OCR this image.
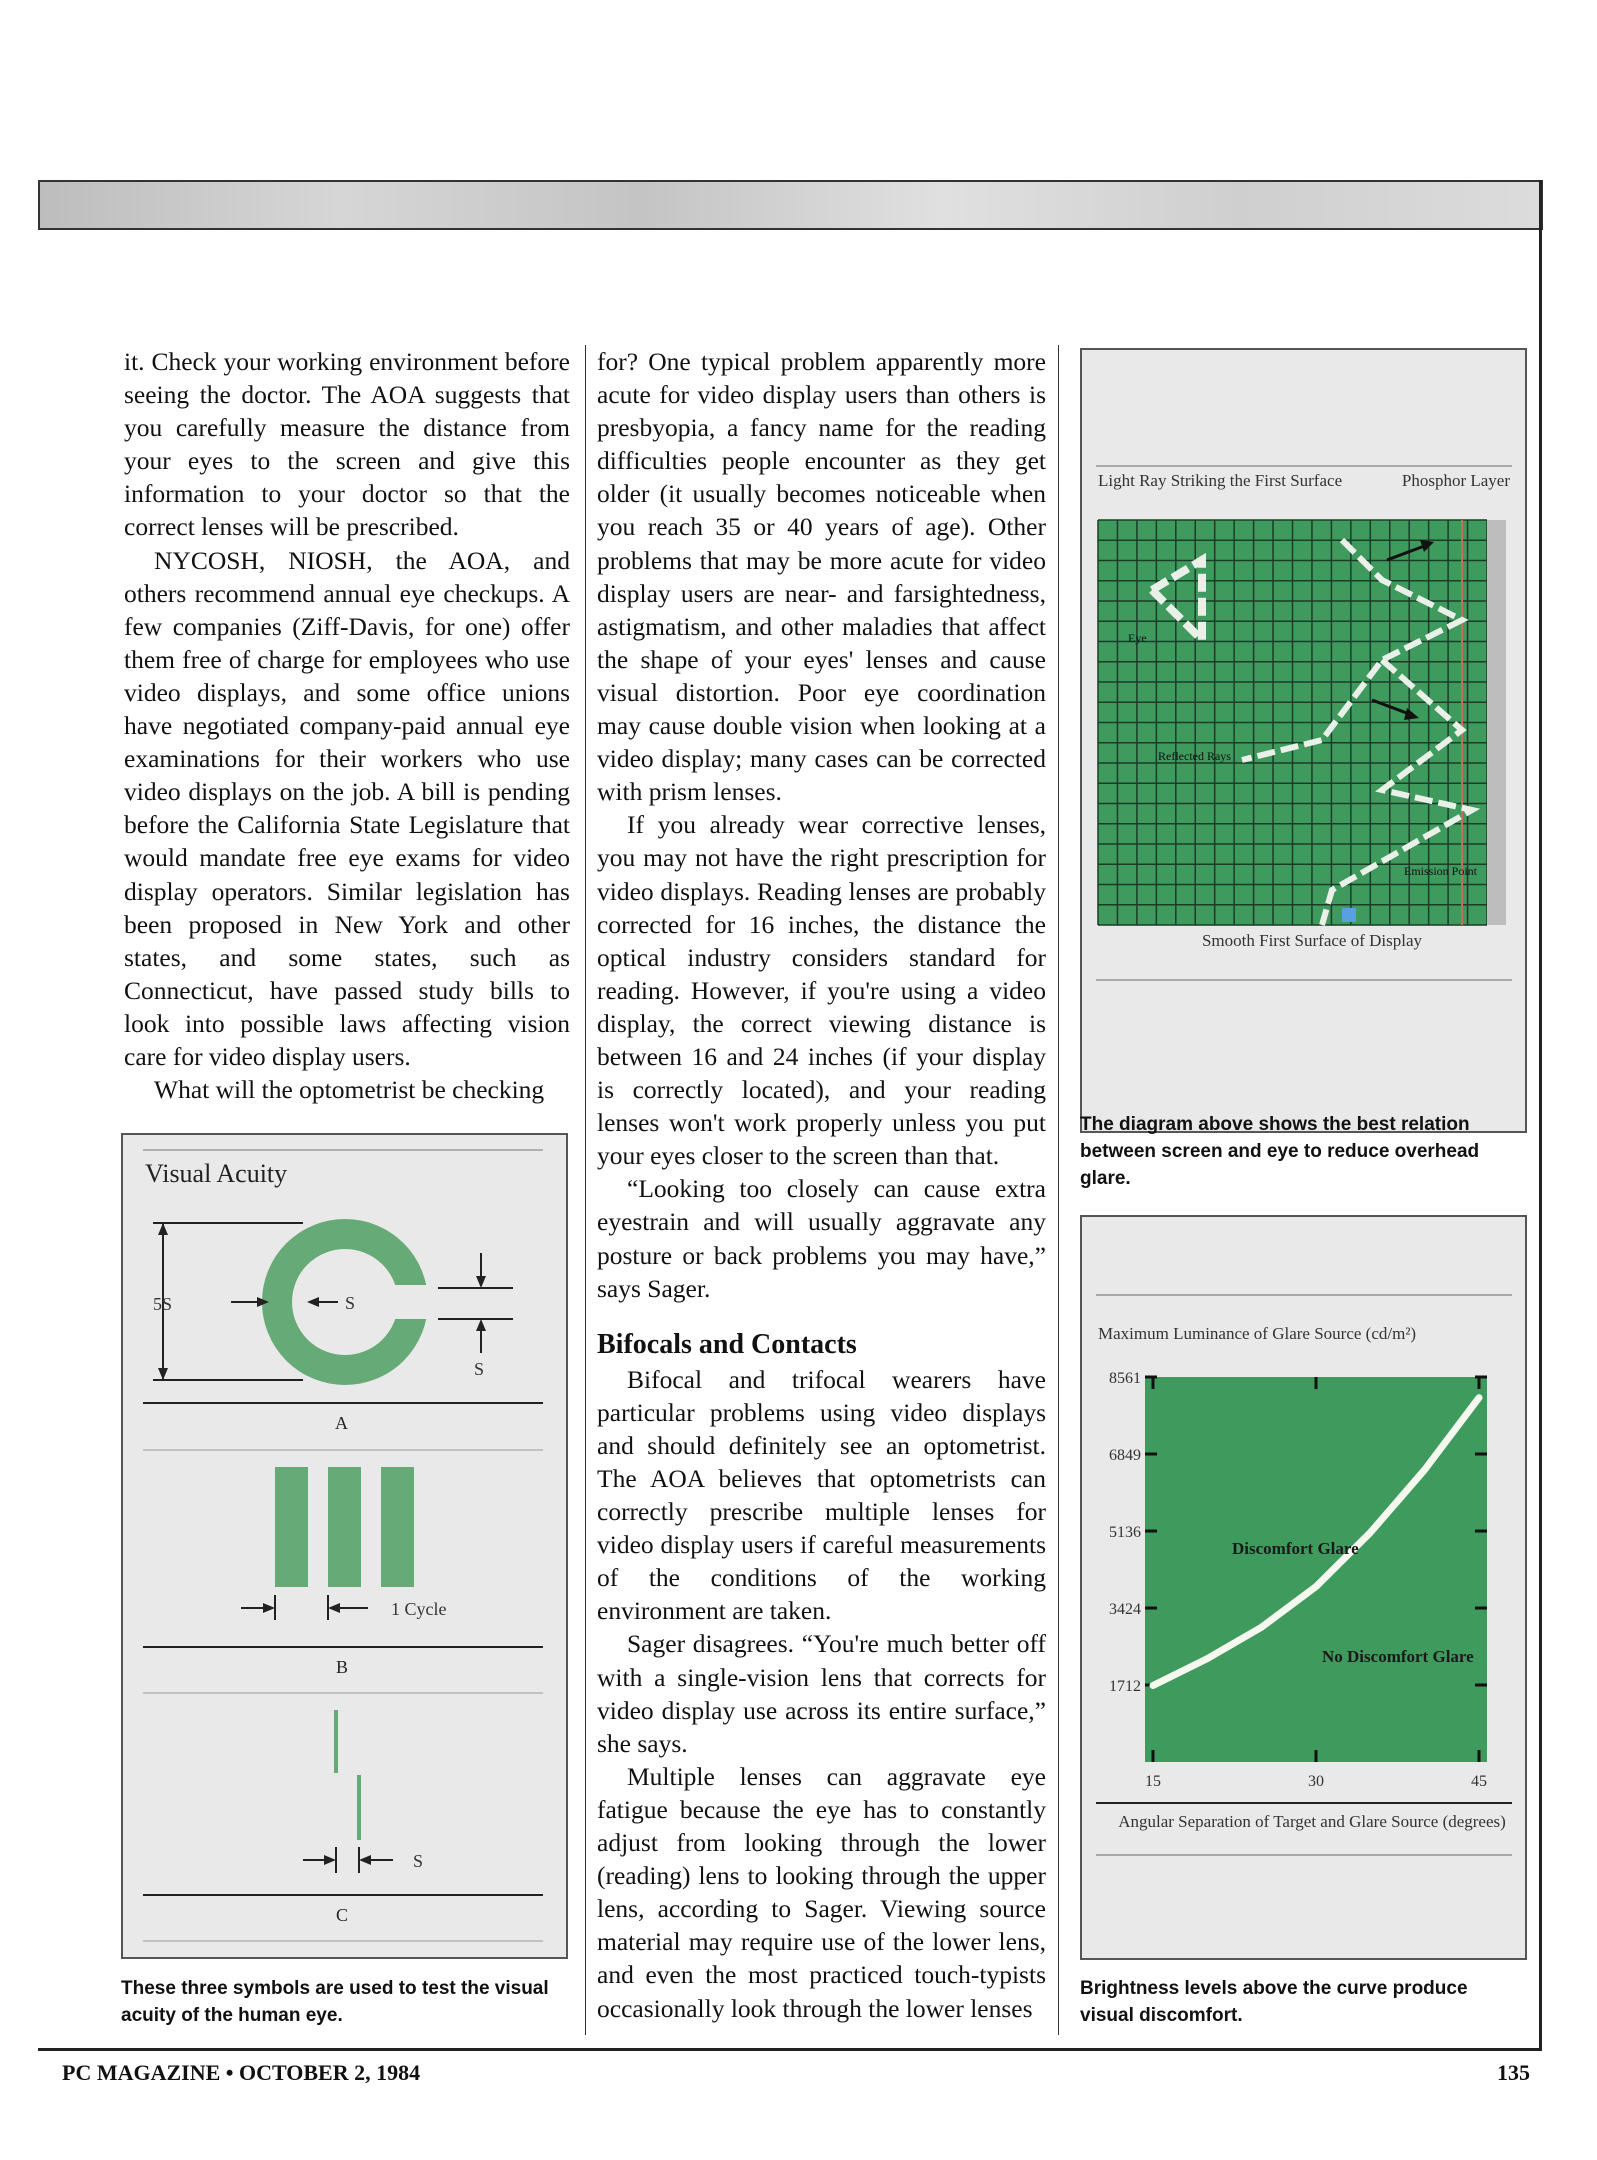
it. Check your working environment before seeing the doctor. The AOA suggests that you carefully measure the distance from your eyes to the screen and give this information to your doctor so that the correct lenses will be prescribed.

NYCOSH, NIOSH, the AOA, and others recommend annual eye checkups. A few companies (Ziff-Davis, for one) offer them free of charge for employees who use video displays, and some office unions have negotiated company-paid annual eye examinations for their workers who use video displays on the job. A bill is pending before the California State Legislature that would mandate free eye exams for video display operators. Similar legislation has been proposed in New York and other states, and some states, such as Connecticut, have passed study bills to look into possible laws affecting vision care for video display users.

What will the optometrist be checking

for? One typical problem apparently more acute for video display users than others is presbyopia, a fancy name for the reading difficulties people encounter as they get older (it usually becomes noticeable when you reach 35 or 40 years of age). Other problems that may be more acute for video display users are near- and farsightedness, astigmatism, and other maladies that affect the shape of your eyes' lenses and cause visual distortion. Poor eye coordination may cause double vision when looking at a video display; many cases can be corrected with prism lenses.

If you already wear corrective lenses, you may not have the right prescription for video displays. Reading lenses are probably corrected for 16 inches, the distance the optical industry considers standard for reading. However, if you're using a video display, the correct viewing distance is between 16 and 24 inches (if your display is correctly located), and your reading lenses won't work properly unless you put your eyes closer to the screen than that.

“Looking too closely can cause extra eyestrain and will usually aggravate any posture or back problems you may have,” says Sager.

Bifocals and Contacts

Bifocal and trifocal wearers have particular problems using video displays and should definitely see an optometrist. The AOA believes that optometrists can correctly prescribe multiple lenses for video display users if careful measurements of the conditions of the working environment are taken.

Sager disagrees. “You're much better off with a single-vision lens that corrects for video display use across its entire surface,” she says.

Multiple lenses can aggravate eye fatigue because the eye has to constantly adjust from looking through the lower (reading) lens to looking through the upper lens, according to Sager. Viewing source material may require use of the lower lens, and even the most practiced touch-typists occasionally look through the lower lenses

Visual Acuity
5S	S
S
A
1 Cycle
B
S
C
These three symbols are used to test the visual acuity of the human eye.
Light Ray Striking the First Surface	Phosphor Layer
Eye
Reflected Rays
Emission Point
Smooth First Surface of Display
The diagram above shows the best relation between screen and eye to reduce overhead glare.
Maximum Luminance of Glare Source (cd/m²)
8561
6849
5136
3424
1712
15	30	45
Discomfort Glare
No Discomfort Glare
Angular Separation of Target and Glare Source (degrees)
Brightness levels above the curve produce visual discomfort.
PC MAGAZINE • OCTOBER 2, 1984	135
